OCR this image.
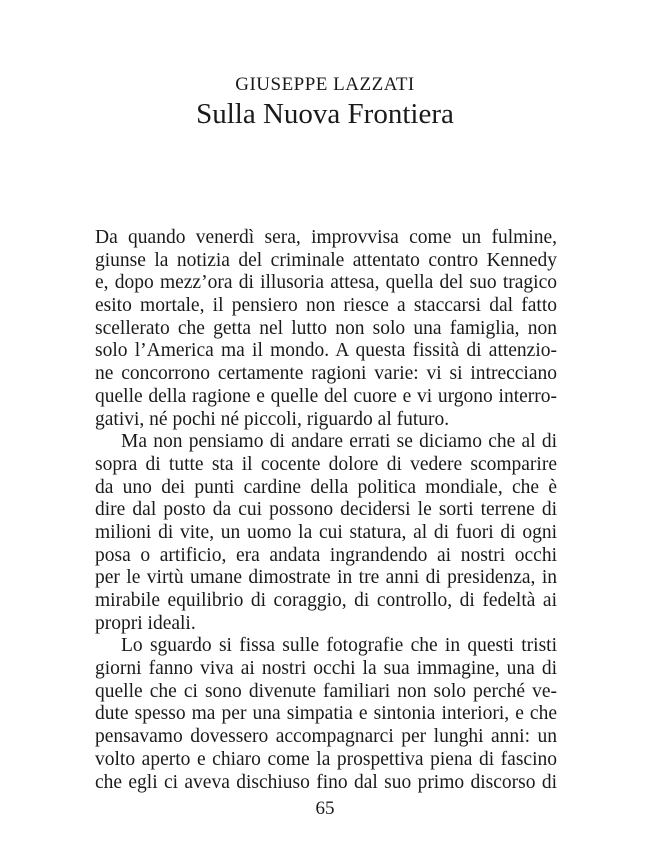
GIUSEPPE LAZZATI
Sulla Nuova Frontiera
Da quando venerdì sera, improvvisa come un fulmine,
giunse la notizia del criminale attentato contro Kennedy
e, dopo mezz’ora di illusoria attesa, quella del suo tragico
esito mortale, il pensiero non riesce a staccarsi dal fatto
scellerato che getta nel lutto non solo una famiglia, non
solo l’America ma il mondo. A questa fissità di attenzio-
ne concorrono certamente ragioni varie: vi si intrecciano
quelle della ragione e quelle del cuore e vi urgono interro-
gativi, né pochi né piccoli, riguardo al futuro.
Ma non pensiamo di andare errati se diciamo che al di
sopra di tutte sta il cocente dolore di vedere scomparire
da uno dei punti cardine della politica mondiale, che è
dire dal posto da cui possono decidersi le sorti terrene di
milioni di vite, un uomo la cui statura, al di fuori di ogni
posa o artificio, era andata ingrandendo ai nostri occhi
per le virtù umane dimostrate in tre anni di presidenza, in
mirabile equilibrio di coraggio, di controllo, di fedeltà ai
propri ideali.
Lo sguardo si fissa sulle fotografie che in questi tristi
giorni fanno viva ai nostri occhi la sua immagine, una di
quelle che ci sono divenute familiari non solo perché ve-
dute spesso ma per una simpatia e sintonia interiori, e che
pensavamo dovessero accompagnarci per lunghi anni: un
volto aperto e chiaro come la prospettiva piena di fascino
che egli ci aveva dischiuso fino dal suo primo discorso di
65
